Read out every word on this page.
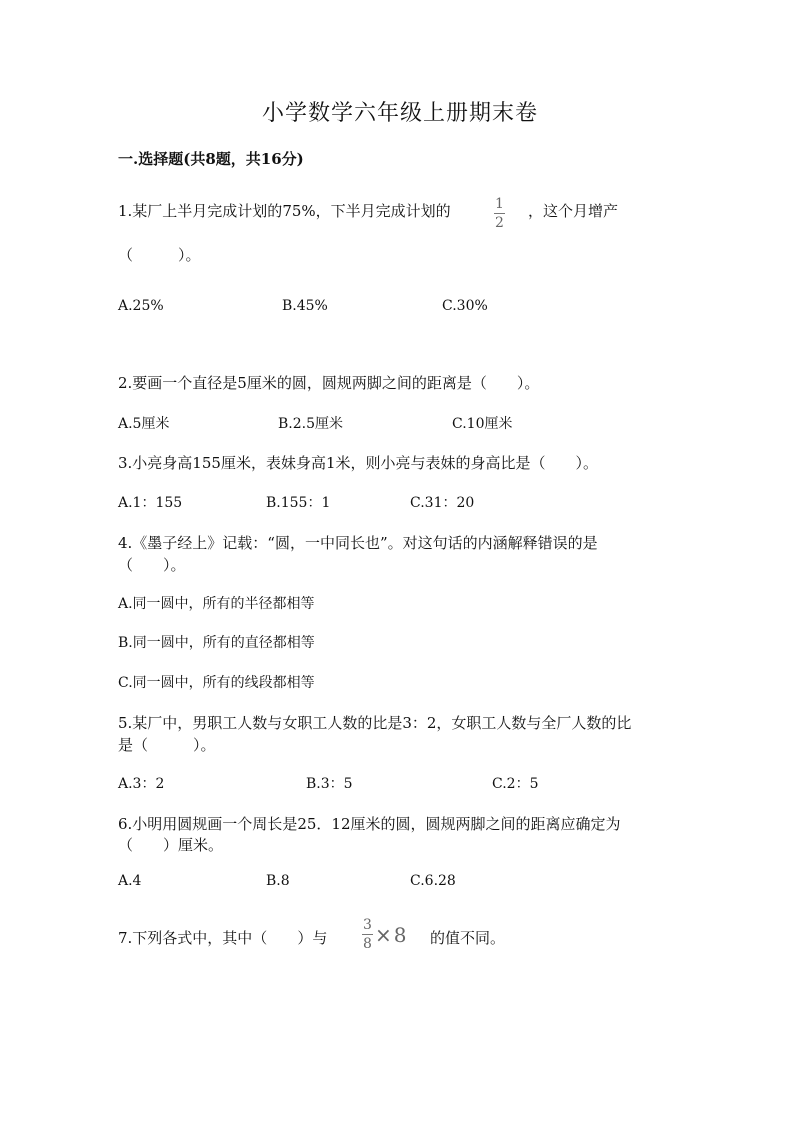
小学数学六年级上册期末卷
一.选择题(共8题，共16分)
1.某厂上半月完成计划的75%，下半月完成计划的	1
2
，这个月增产
（　　　）。
A.25%	B.45%	C.30%
2.要画一个直径是5厘米的圆，圆规两脚之间的距离是（　　）。
A.5厘米	B.2.5厘米	C.10厘米
3.小亮身高155厘米，表妹身高1米，则小亮与表妹的身高比是（　　）。
A.1：155	B.155：1	C.31：20
4.《墨子经上》记载：“圆，一中同长也”。对这句话的内涵解释错误的是
（　　）。
A.同一圆中，所有的半径都相等
B.同一圆中，所有的直径都相等
C.同一圆中，所有的线段都相等
5.某厂中，男职工人数与女职工人数的比是3：2，女职工人数与全厂人数的比
是（　　　）。
A.3：2	B.3：5	C.2：5
6.小明用圆规画一个周长是25．12厘米的圆，圆规两脚之间的距离应确定为
（　　）厘米。
A.4	B.8	C.6.28
7.下列各式中，其中（　　）与 $\frac{3}{8} \times 8$ 的值不同。
